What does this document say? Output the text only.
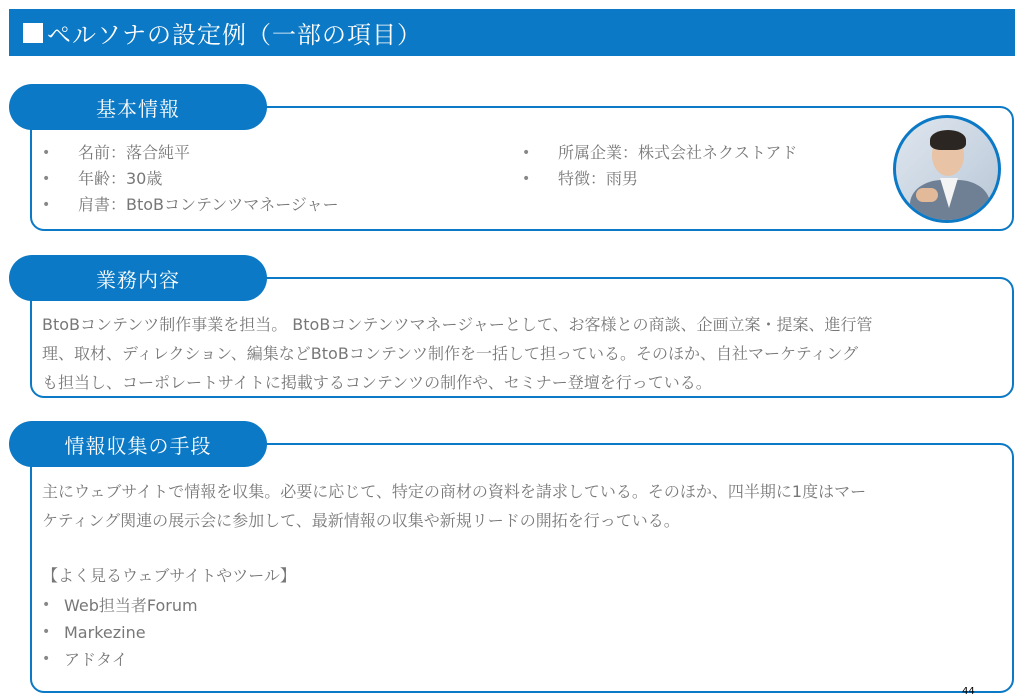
ペルソナの設定例（一部の項目）
• 名前：落合純平
• 年齢：30歳
• 肩書：BtoBコンテンツマネージャー
• 所属企業：株式会社ネクストアド
• 特徴：雨男
基本情報
BtoBコンテンツ制作事業を担当。 BtoBコンテンツマネージャーとして、お客様との商談、企画立案・提案、進行管
理、取材、ディレクション、編集などBtoBコンテンツ制作を一括して担っている。そのほか、自社マーケティング
も担当し、コーポレートサイトに掲載するコンテンツの制作や、セミナー登壇を行っている。
業務内容
主にウェブサイトで情報を収集。必要に応じて、特定の商材の資料を請求している。そのほか、四半期に1度はマー
ケティング関連の展示会に参加して、最新情報の収集や新規リードの開拓を行っている。
【よく見るウェブサイトやツール】
• Web担当者Forum
• Markezine
• アドタイ
情報収集の手段
44
